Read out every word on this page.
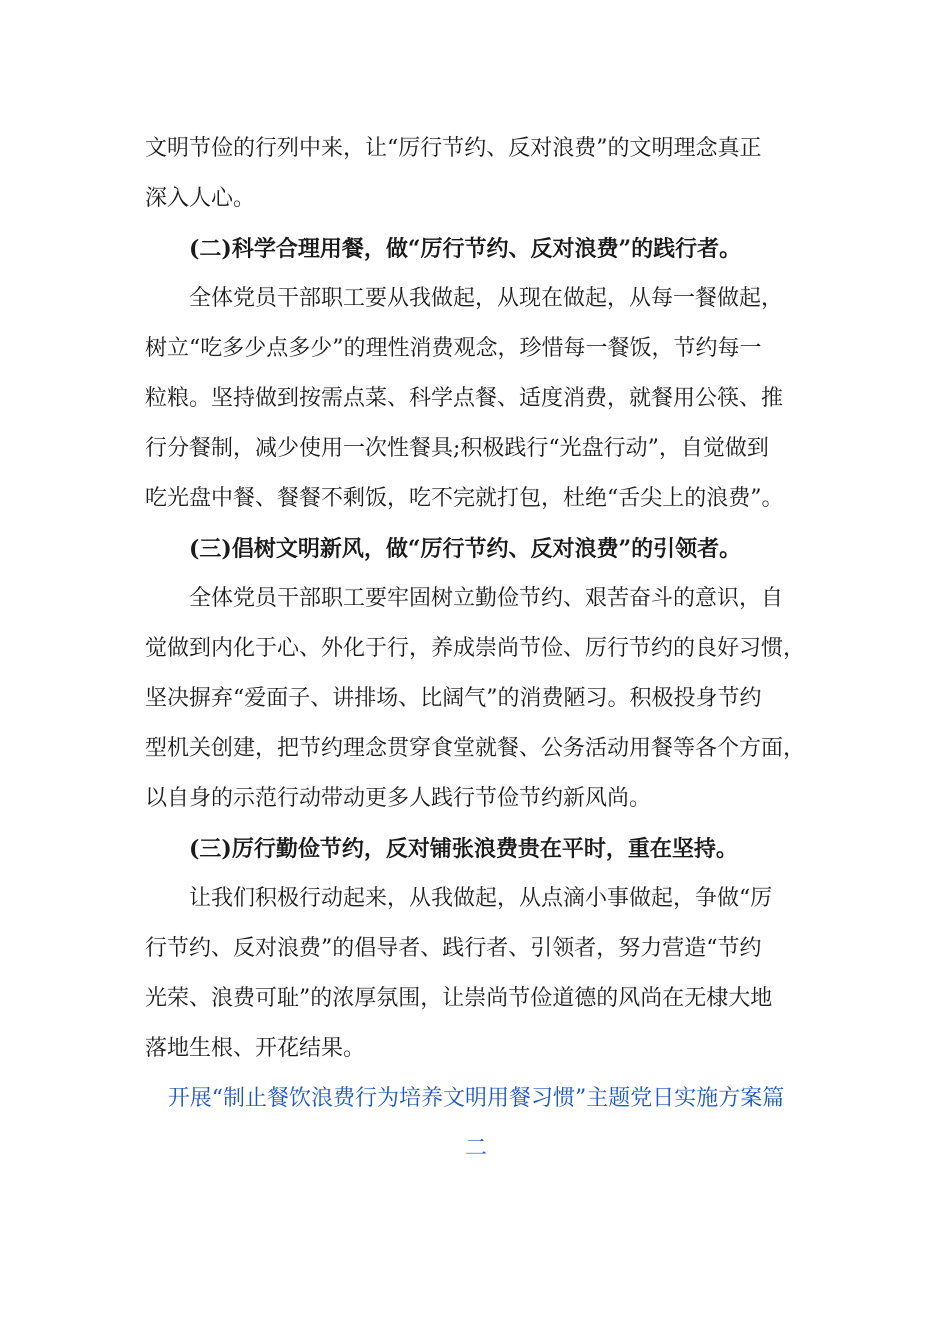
文明节俭的行列中来，让“厉行节约、反对浪费”的文明理念真正
深入人心。
(二)科学合理用餐，做“厉行节约、反对浪费”的践行者。
全体党员干部职工要从我做起，从现在做起，从每一餐做起，
树立“吃多少点多少”的理性消费观念，珍惜每一餐饭，节约每一
粒粮。坚持做到按需点菜、科学点餐、适度消费，就餐用公筷、推
行分餐制，减少使用一次性餐具;积极践行“光盘行动”，自觉做到
吃光盘中餐、餐餐不剩饭，吃不完就打包，杜绝“舌尖上的浪费”。
(三)倡树文明新风，做“厉行节约、反对浪费”的引领者。
全体党员干部职工要牢固树立勤俭节约、艰苦奋斗的意识，自
觉做到内化于心、外化于行，养成崇尚节俭、厉行节约的良好习惯，
坚决摒弃“爱面子、讲排场、比阔气”的消费陋习。积极投身节约
型机关创建，把节约理念贯穿食堂就餐、公务活动用餐等各个方面，
以自身的示范行动带动更多人践行节俭节约新风尚。
(三)厉行勤俭节约，反对铺张浪费贵在平时，重在坚持。
让我们积极行动起来，从我做起，从点滴小事做起，争做“厉
行节约、反对浪费”的倡导者、践行者、引领者，努力营造“节约
光荣、浪费可耻”的浓厚氛围，让崇尚节俭道德的风尚在无棣大地
落地生根、开花结果。
开展“制止餐饮浪费行为培养文明用餐习惯”主题党日实施方案篇
二
